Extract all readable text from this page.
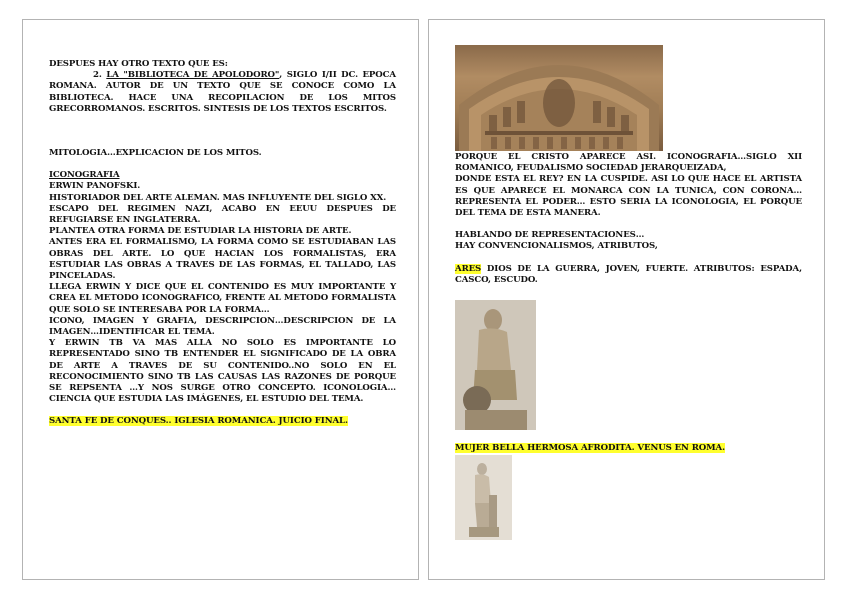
DESPUES HAY OTRO TEXTO QUE ES:

2. LA "BIBLIOTECA DE APOLODORO", SIGLO I/II DC. EPOCA ROMANA. AUTOR DE UN TEXTO QUE SE CONOCE COMO LA BIBLIOTECA. HACE UNA RECOPILACION DE LOS MITOS GRECORROMANOS. ESCRITOS. SINTESIS DE LOS TEXTOS ESCRITOS.

MITOLOGIA…EXPLICACION DE LOS MITOS.

ICONOGRAFIA

ERWIN PANOFSKI.

HISTORIADOR DEL ARTE ALEMAN. MAS INFLUYENTE DEL SIGLO XX.

ESCAPO DEL REGIMEN NAZI, ACABO EN EEUU DESPUES DE REFUGIARSE EN INGLATERRA.

PLANTEA OTRA FORMA DE ESTUDIAR LA HISTORIA DE ARTE.

ANTES ERA EL FORMALISMO, LA FORMA COMO SE ESTUDIABAN LAS OBRAS DEL ARTE. LO QUE HACIAN LOS FORMALISTAS, ERA ESTUDIAR LAS OBRAS A TRAVES DE LAS FORMAS, EL TALLADO, LAS PINCELADAS.

LLEGA ERWIN Y DICE QUE EL CONTENIDO ES MUY IMPORTANTE Y CREA EL METODO ICONOGRAFICO, FRENTE AL METODO FORMALISTA QUE SOLO SE INTERESABA POR LA FORMA…

ICONO, IMAGEN Y GRAFIA, DESCRIPCION…DESCRIPCION DE LA IMAGEN…IDENTIFICAR EL TEMA.

Y ERWIN TB VA MAS ALLA NO SOLO ES IMPORTANTE LO REPRESENTADO SINO TB ENTENDER EL SIGNIFICADO DE LA OBRA DE ARTE A TRAVES DE SU CONTENIDO..NO SOLO EN EL RECONOCIMIENTO SINO TB LAS CAUSAS LAS RAZONES DE PORQUE SE REPSENTA …Y NOS SURGE OTRO CONCEPTO. ICONOLOGIA…CIENCIA QUE ESTUDIA LAS IMÁGENES, EL ESTUDIO DEL TEMA.

SANTA FE DE CONQUES.. IGLESIA ROMANICA. JUICIO FINAL.

PORQUE EL CRISTO APARECE ASI. ICONOGRAFIA…SIGLO XII ROMANICO, FEUDALISMO SOCIEDAD JERARQUEIZADA,

DONDE ESTA EL REY? EN LA CUSPIDE. ASI LO QUE HACE EL ARTISTA ES QUE APARECE EL MONARCA CON LA TUNICA, CON CORONA…REPRESENTA EL PODER… ESTO SERIA LA ICONOLOGIA, EL PORQUE DEL TEMA DE ESTA MANERA.

HABLANDO DE REPRESENTACIONES…

HAY CONVENCIONALISMOS, ATRIBUTOS,

ARES DIOS DE LA GUERRA, JOVEN, FUERTE. ATRIBUTOS: ESPADA, CASCO, ESCUDO.

MUJER BELLA HERMOSA AFRODITA. VENUS EN ROMA.
